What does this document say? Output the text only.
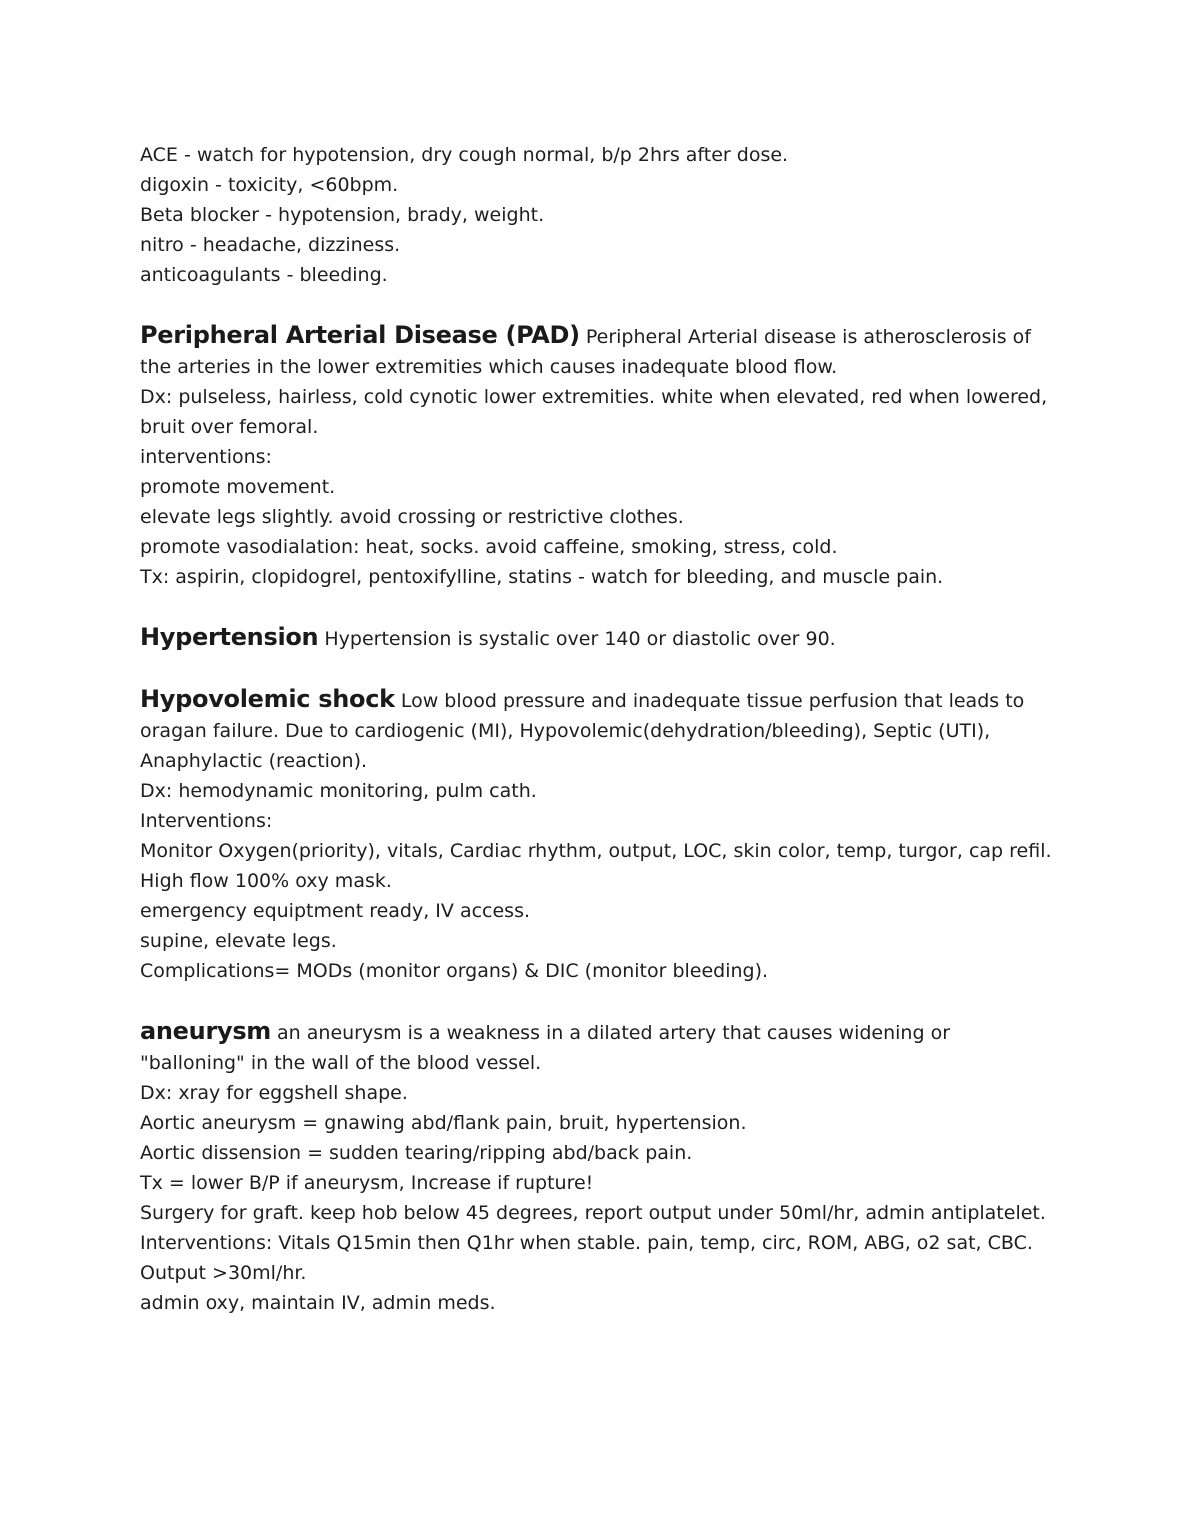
ACE - watch for hypotension, dry cough normal, b/p 2hrs after dose.
digoxin - toxicity, <60bpm.
Beta blocker - hypotension, brady, weight.
nitro - headache, dizziness.
anticoagulants - bleeding.
Peripheral Arterial Disease (PAD) Peripheral Arterial disease is atherosclerosis of the arteries in the lower extremities which causes inadequate blood flow.
Dx: pulseless, hairless, cold cynotic lower extremities. white when elevated, red when lowered, bruit over femoral.
interventions:
promote movement.
elevate legs slightly. avoid crossing or restrictive clothes.
promote vasodialation: heat, socks. avoid caffeine, smoking, stress, cold.
Tx: aspirin, clopidogrel, pentoxifylline, statins - watch for bleeding, and muscle pain.
Hypertension Hypertension is systalic over 140 or diastolic over 90.
Hypovolemic shock Low blood pressure and inadequate tissue perfusion that leads to oragan failure. Due to cardiogenic (MI), Hypovolemic(dehydration/bleeding), Septic (UTI), Anaphylactic (reaction).
Dx: hemodynamic monitoring, pulm cath.
Interventions:
Monitor Oxygen(priority), vitals, Cardiac rhythm, output, LOC, skin color, temp, turgor, cap refil.
High flow 100% oxy mask.
emergency equiptment ready, IV access.
supine, elevate legs.
Complications= MODs (monitor organs) & DIC (monitor bleeding).
aneurysm an aneurysm is a weakness in a dilated artery that causes widening or "balloning" in the wall of the blood vessel.
Dx: xray for eggshell shape.
Aortic aneurysm = gnawing abd/flank pain, bruit, hypertension.
Aortic dissension = sudden tearing/ripping abd/back pain.
Tx = lower B/P if aneurysm, Increase if rupture!
Surgery for graft. keep hob below 45 degrees, report output under 50ml/hr, admin antiplatelet.
Interventions: Vitals Q15min then Q1hr when stable. pain, temp, circ, ROM, ABG, o2 sat, CBC.
Output >30ml/hr.
admin oxy, maintain IV, admin meds.
